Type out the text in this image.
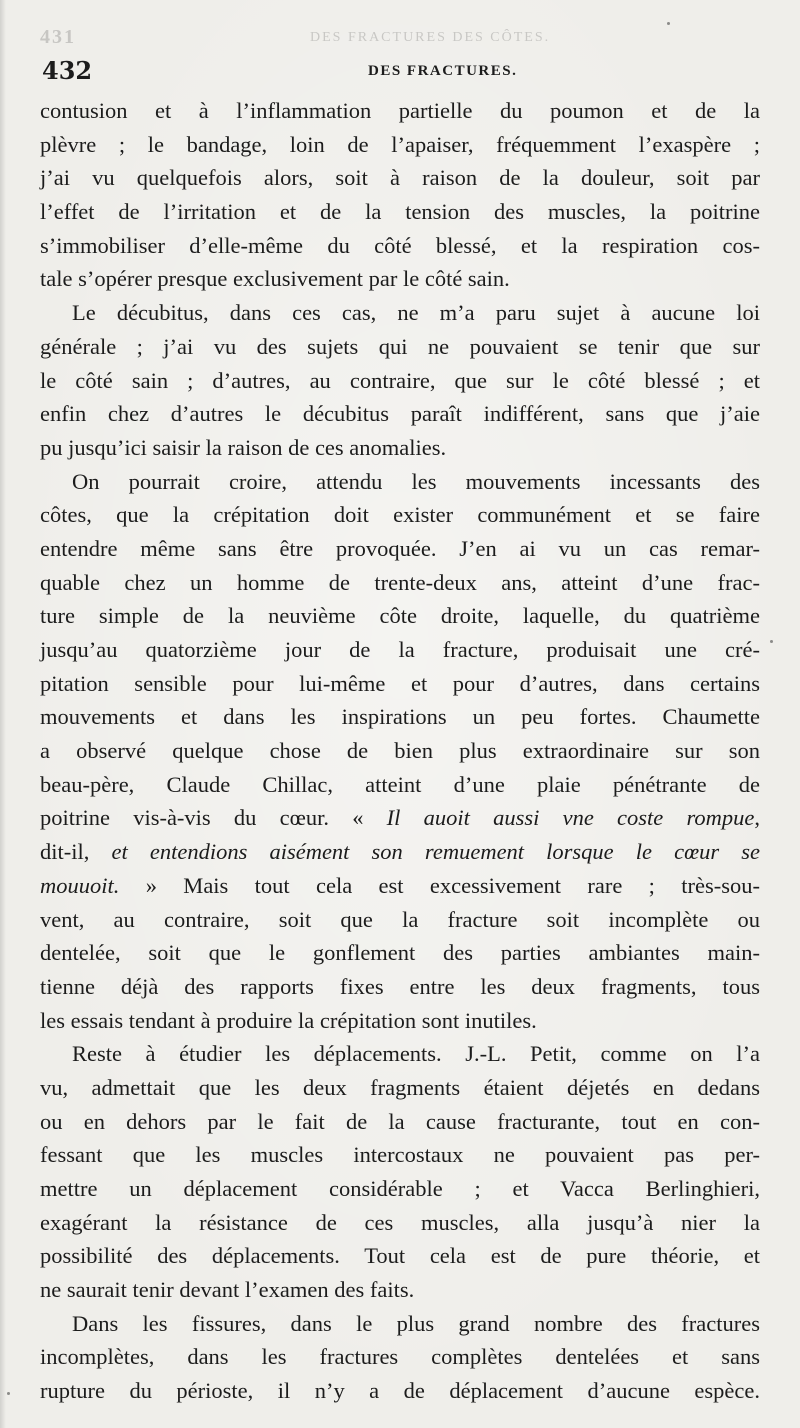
431	DES FRACTURES DES CÔTES.
432	DES FRACTURES.
contusion et à l’inflammation partielle du poumon et de la
plèvre ; le bandage, loin de l’apaiser, fréquemment l’exaspère ;
j’ai vu quelquefois alors, soit à raison de la douleur, soit par
l’effet de l’irritation et de la tension des muscles, la poitrine
s’immobiliser d’elle-même du côté blessé, et la respiration cos-
tale s’opérer presque exclusivement par le côté sain.
Le décubitus, dans ces cas, ne m’a paru sujet à aucune loi
générale ; j’ai vu des sujets qui ne pouvaient se tenir que sur
le côté sain ; d’autres, au contraire, que sur le côté blessé ; et
enfin chez d’autres le décubitus paraît indifférent, sans que j’aie
pu jusqu’ici saisir la raison de ces anomalies.
On pourrait croire, attendu les mouvements incessants des
côtes, que la crépitation doit exister communément et se faire
entendre même sans être provoquée. J’en ai vu un cas remar-
quable chez un homme de trente-deux ans, atteint d’une frac-
ture simple de la neuvième côte droite, laquelle, du quatrième
jusqu’au quatorzième jour de la fracture, produisait une cré-
pitation sensible pour lui-même et pour d’autres, dans certains
mouvements et dans les inspirations un peu fortes. Chaumette
a observé quelque chose de bien plus extraordinaire sur son
beau-père, Claude Chillac, atteint d’une plaie pénétrante de
poitrine vis-à-vis du cœur. « Il auoit aussi vne coste rompue,
dit-il, et entendions aisément son remuement lorsque le cœur se
mouuoit. » Mais tout cela est excessivement rare ; très-sou-
vent, au contraire, soit que la fracture soit incomplète ou
dentelée, soit que le gonflement des parties ambiantes main-
tienne déjà des rapports fixes entre les deux fragments, tous
les essais tendant à produire la crépitation sont inutiles.
Reste à étudier les déplacements. J.-L. Petit, comme on l’a
vu, admettait que les deux fragments étaient déjetés en dedans
ou en dehors par le fait de la cause fracturante, tout en con-
fessant que les muscles intercostaux ne pouvaient pas per-
mettre un déplacement considérable ; et Vacca Berlinghieri,
exagérant la résistance de ces muscles, alla jusqu’à nier la
possibilité des déplacements. Tout cela est de pure théorie, et
ne saurait tenir devant l’examen des faits.
Dans les fissures, dans le plus grand nombre des fractures
incomplètes, dans les fractures complètes dentelées et sans
rupture du périoste, il n’y a de déplacement d’aucune espèce.
